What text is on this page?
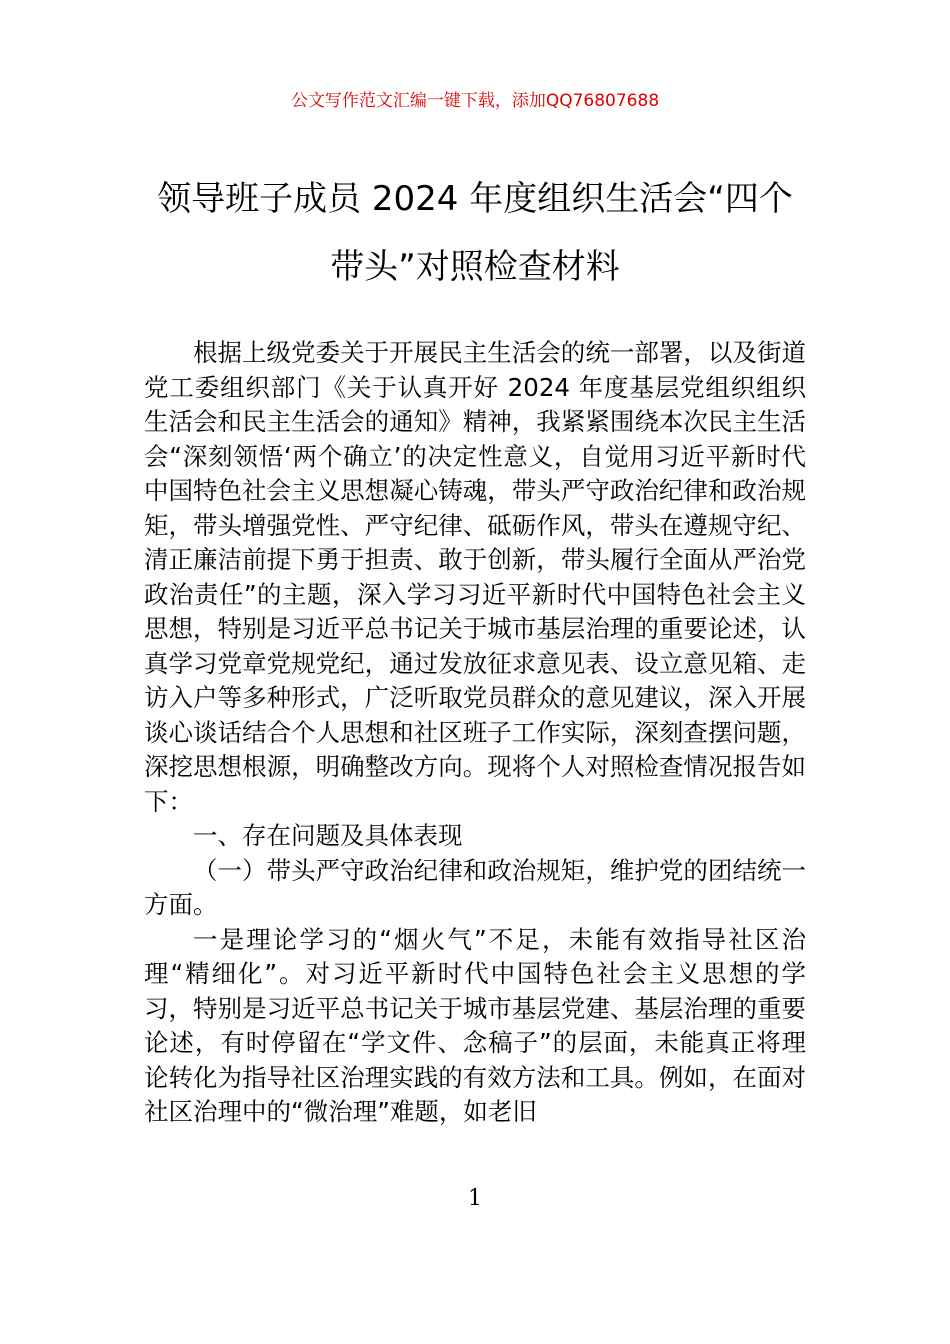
公文写作范文汇编一键下载，添加QQ76807688
领导班子成员 2024 年度组织生活会“四个
带头”对照检查材料

根据上级党委关于开展民主生活会的统一部署，以及街道党工委组织部门《关于认真开好 2024 年度基层党组织组织生活会和民主生活会的通知》精神，我紧紧围绕本次民主生活会“深刻领悟‘两个确立’的决定性意义，自觉用习近平新时代中国特色社会主义思想凝心铸魂，带头严守政治纪律和政治规矩，带头增强党性、严守纪律、砥砺作风，带头在遵规守纪、清正廉洁前提下勇于担责、敢于创新，带头履行全面从严治党政治责任”的主题，深入学习习近平新时代中国特色社会主义思想，特别是习近平总书记关于城市基层治理的重要论述，认真学习党章党规党纪，通过发放征求意见表、设立意见箱、走访入户等多种形式，广泛听取党员群众的意见建议，深入开展谈心谈话结合个人思想和社区班子工作实际，深刻查摆问题，深挖思想根源，明确整改方向。现将个人对照检查情况报告如下：

一、存在问题及具体表现

（一）带头严守政治纪律和政治规矩，维护党的团结统一方面。

一是理论学习的“烟火气”不足，未能有效指导社区治理“精细化”。对习近平新时代中国特色社会主义思想的学习，特别是习近平总书记关于城市基层党建、基层治理的重要论述，有时停留在“学文件、念稿子”的层面，未能真正将理论转化为指导社区治理实践的有效方法和工具。例如，在面对社区治理中的“微治理”难题，如老旧

1
